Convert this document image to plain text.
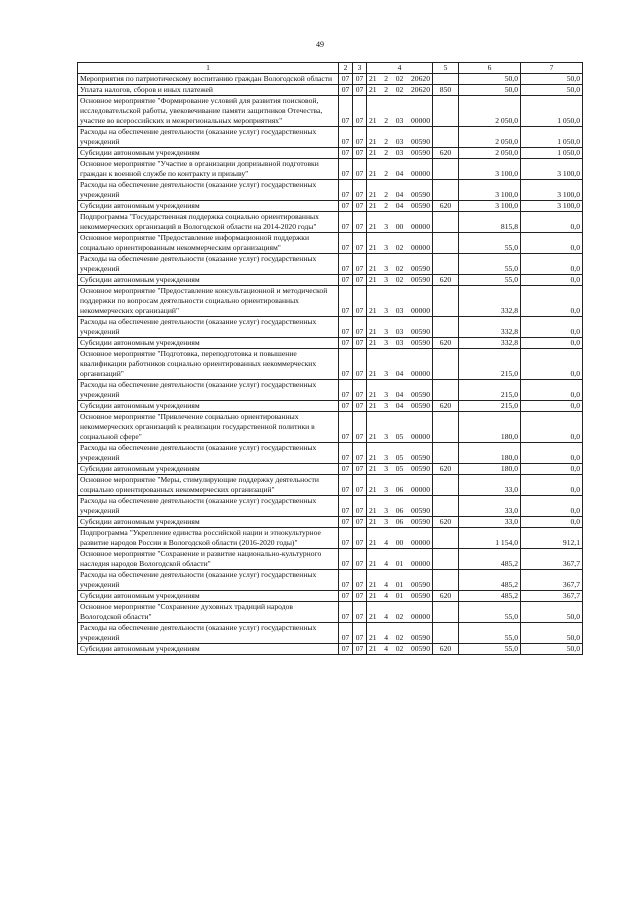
49
1	2	3	4	5	6	7
Мероприятия по патриотическому воспитанию граждан Вологодской области	07	07	21 2 02 20620		50,0	50,0
Уплата налогов, сборов и иных платежей	07	07	21 2 02 20620	850	50,0	50,0
Основное мероприятие "Формирование условий для развития поисковой, исследовательской работы, увековечивание памяти защитников Отечества, участие во всероссийских и межрегиональных мероприятиях"	07	07	21 2 03 00000		2 050,0	1 050,0
Расходы на обеспечение деятельности (оказание услуг) государственных учреждений	07	07	21 2 03 00590		2 050,0	1 050,0
Субсидии автономным учреждениям	07	07	21 2 03 00590	620	2 050,0	1 050,0
Основное мероприятие "Участие в организации допризывной подготовки граждан к военной службе по контракту и призыву"	07	07	21 2 04 00000		3 100,0	3 100,0
Расходы на обеспечение деятельности (оказание услуг) государственных учреждений	07	07	21 2 04 00590		3 100,0	3 100,0
Субсидии автономным учреждениям	07	07	21 2 04 00590	620	3 100,0	3 100,0
Подпрограмма "Государственная поддержка социально ориентированных некоммерческих организаций в Вологодской области на 2014-2020 годы"	07	07	21 3 00 00000		815,8	0,0
Основное мероприятие "Предоставление информационной поддержки социально ориентированным некоммерческим организациям"	07	07	21 3 02 00000		55,0	0,0
Расходы на обеспечение деятельности (оказание услуг) государственных учреждений	07	07	21 3 02 00590		55,0	0,0
Субсидии автономным учреждениям	07	07	21 3 02 00590	620	55,0	0,0
Основное мероприятие "Предоставление консультационной и методической поддержки по вопросам деятельности социально ориентированных некоммерческих организаций"	07	07	21 3 03 00000		332,8	0,0
Расходы на обеспечение деятельности (оказание услуг) государственных учреждений	07	07	21 3 03 00590		332,8	0,0
Субсидии автономным учреждениям	07	07	21 3 03 00590	620	332,8	0,0
Основное мероприятие "Подготовка, переподготовка и повышение квалификации работников социально ориентированных некоммерческих организаций"	07	07	21 3 04 00000		215,0	0,0
Расходы на обеспечение деятельности (оказание услуг) государственных учреждений	07	07	21 3 04 00590		215,0	0,0
Субсидии автономным учреждениям	07	07	21 3 04 00590	620	215,0	0,0
Основное мероприятие "Привлечение социально ориентированных некоммерческих организаций к реализации государственной политики в социальной сфере"	07	07	21 3 05 00000		180,0	0,0
Расходы на обеспечение деятельности (оказание услуг) государственных учреждений	07	07	21 3 05 00590		180,0	0,0
Субсидии автономным учреждениям	07	07	21 3 05 00590	620	180,0	0,0
Основное мероприятие "Меры, стимулирующие поддержку деятельности социально ориентированных некоммерческих организаций"	07	07	21 3 06 00000		33,0	0,0
Расходы на обеспечение деятельности (оказание услуг) государственных учреждений	07	07	21 3 06 00590		33,0	0,0
Субсидии автономным учреждениям	07	07	21 3 06 00590	620	33,0	0,0
Подпрограмма "Укрепление единства российской нации и этнокультурное развитие народов России в Вологодской области (2016-2020 годы)"	07	07	21 4 00 00000		1 154,0	912,1
Основное мероприятие "Сохранение и развитие национально-культурного наследия народов Вологодской области"	07	07	21 4 01 00000		485,2	367,7
Расходы на обеспечение деятельности (оказание услуг) государственных учреждений	07	07	21 4 01 00590		485,2	367,7
Субсидии автономным учреждениям	07	07	21 4 01 00590	620	485,2	367,7
Основное мероприятие "Сохранение духовных традиций народов Вологодской области"	07	07	21 4 02 00000		55,0	50,0
Расходы на обеспечение деятельности (оказание услуг) государственных учреждений	07	07	21 4 02 00590		55,0	50,0
Субсидии автономным учреждениям	07	07	21 4 02 00590	620	55,0	50,0
